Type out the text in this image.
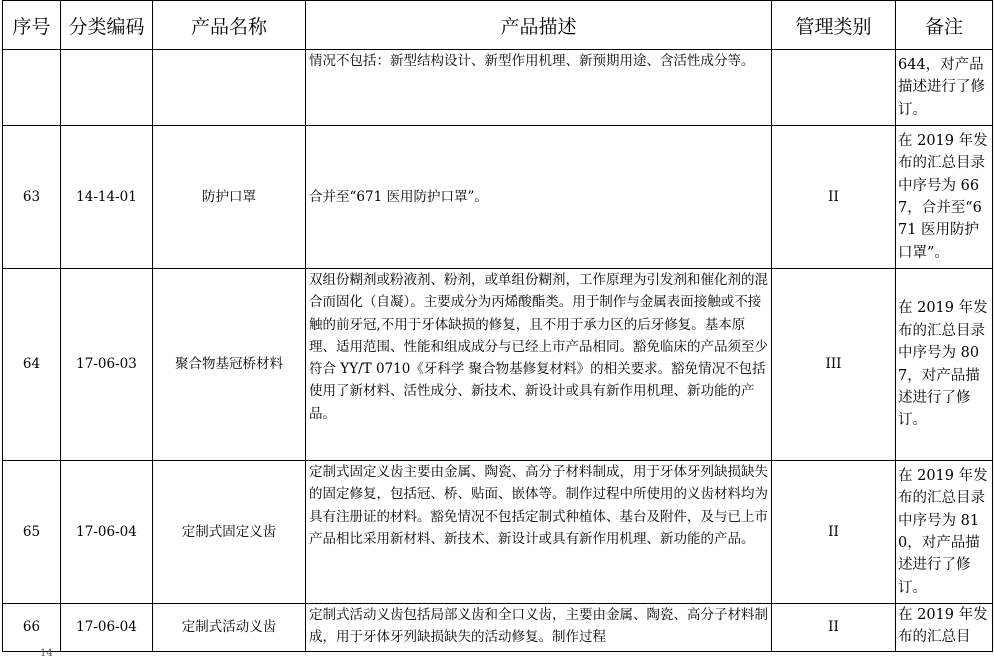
序号	分类编码	产品名称	产品描述	管理类别	备注
			情况不包括：新型结构设计、新型作用机理、新预期用途、含活性成分等。		644，对产品描述进行了修订。
63	14-14-01	防护口罩	合并至“671 医用防护口罩”。	II	在 2019 年发布的汇总目录中序号为 667，合并至“671 医用防护口罩”。
64	17-06-03	聚合物基冠桥材料	双组份糊剂或粉液剂、粉剂，或单组份糊剂，工作原理为引发剂和催化剂的混合而固化（自凝）。主要成分为丙烯酸酯类。用于制作与金属表面接触或不接触的前牙冠,不用于牙体缺损的修复，且不用于承力区的后牙修复。基本原理、适用范围、性能和组成成分与已经上市产品相同。豁免临床的产品须至少符合 YY/T 0710《牙科学 聚合物基修复材料》的相关要求。豁免情况不包括使用了新材料、活性成分、新技术、新设计或具有新作用机理、新功能的产品。	III	在 2019 年发布的汇总目录中序号为 807，对产品描述进行了修订。
65	17-06-04	定制式固定义齿	定制式固定义齿主要由金属、陶瓷、高分子材料制成，用于牙体牙列缺损缺失的固定修复，包括冠、桥、贴面、嵌体等。制作过程中所使用的义齿材料均为具有注册证的材料。豁免情况不包括定制式种植体、基台及附件，及与已上市产品相比采用新材料、新技术、新设计或具有新作用机理、新功能的产品。	II	在 2019 年发布的汇总目录中序号为 810，对产品描述进行了修订。
66	17-06-04	定制式活动义齿	定制式活动义齿包括局部义齿和全口义齿，主要由金属、陶瓷、高分子材料制成，用于牙体牙列缺损缺失的活动修复。制作过程	II	在 2019 年发布的汇总目
14
